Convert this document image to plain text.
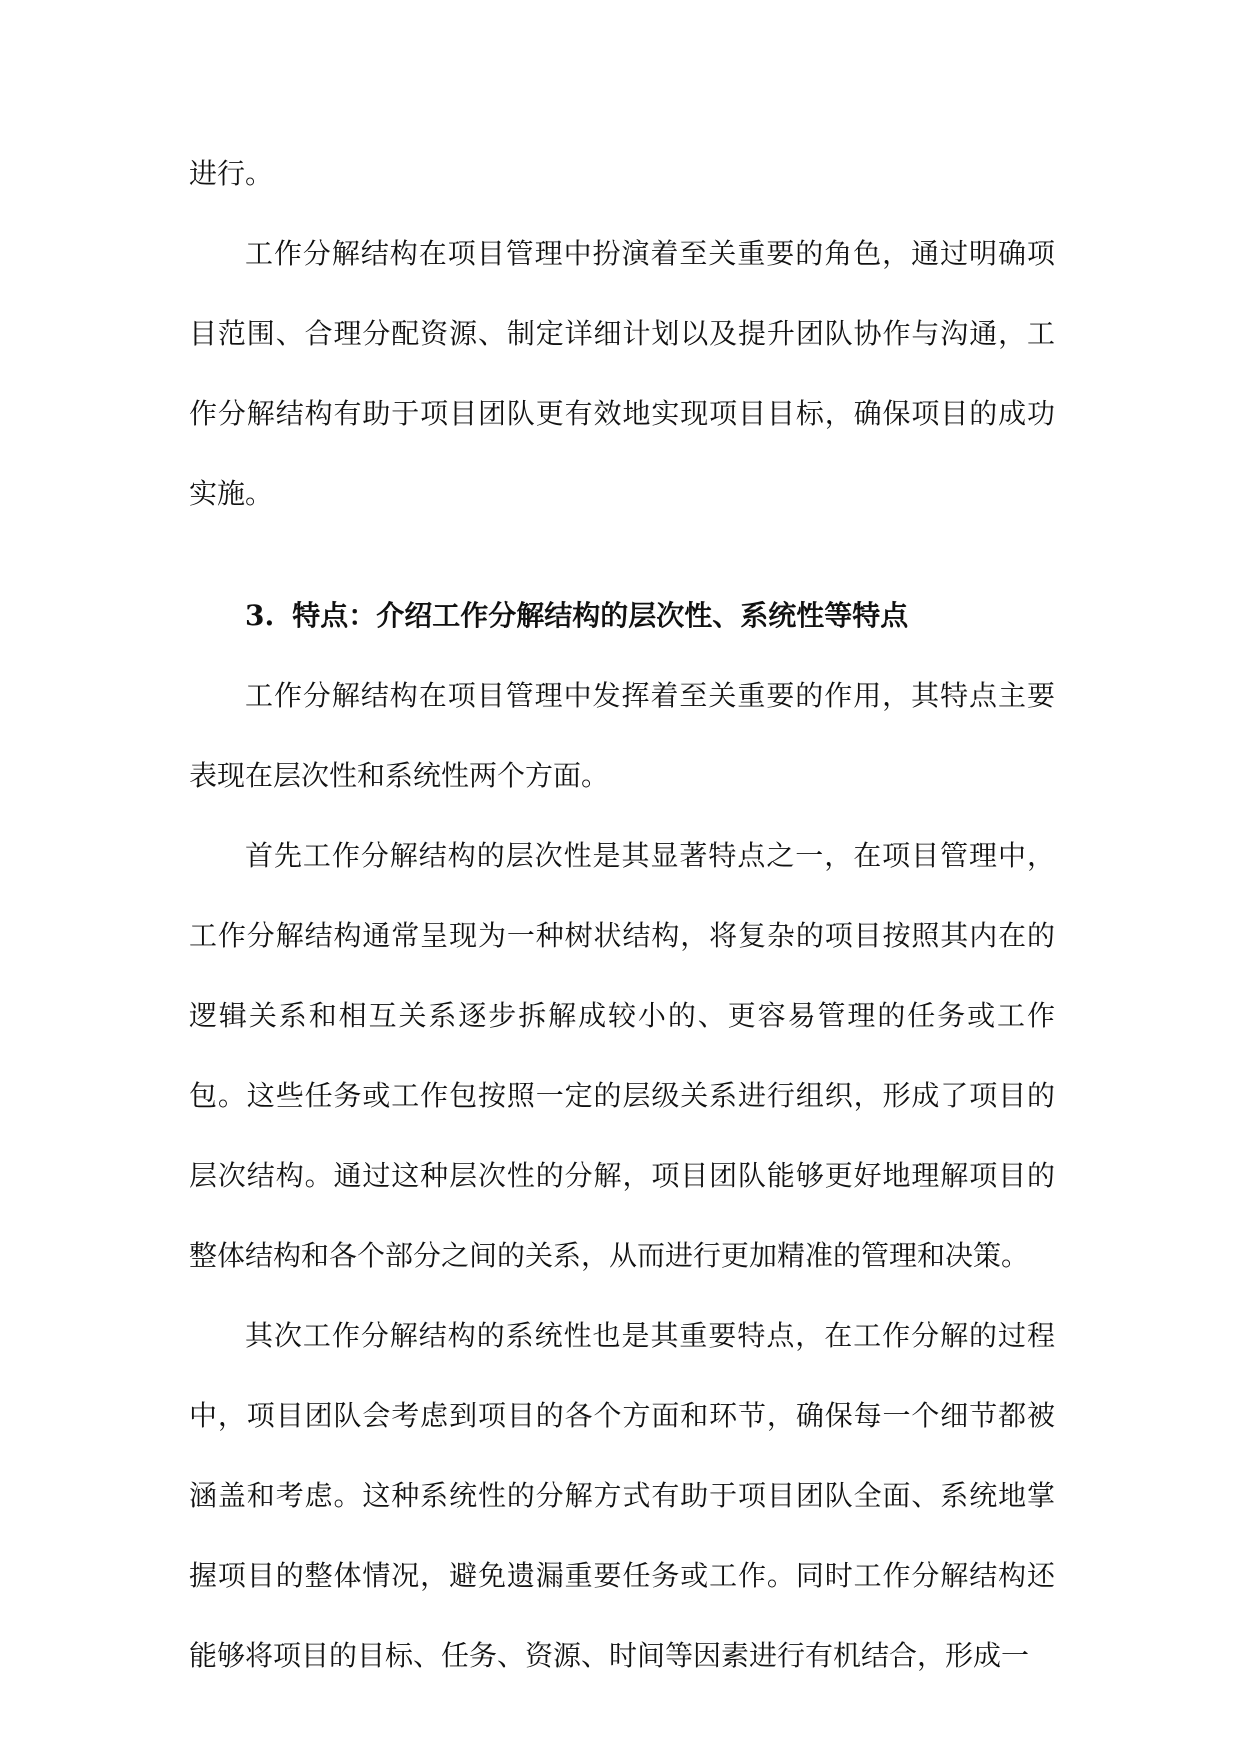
进行。

工作分解结构在项目管理中扮演着至关重要的角色，通过明确项目范围、合理分配资源、制定详细计划以及提升团队协作与沟通，工作分解结构有助于项目团队更有效地实现项目目标，确保项目的成功实施。

3. 特点：介绍工作分解结构的层次性、系统性等特点

工作分解结构在项目管理中发挥着至关重要的作用，其特点主要表现在层次性和系统性两个方面。

首先工作分解结构的层次性是其显著特点之一，在项目管理中，工作分解结构通常呈现为一种树状结构，将复杂的项目按照其内在的逻辑关系和相互关系逐步拆解成较小的、更容易管理的任务或工作包。这些任务或工作包按照一定的层级关系进行组织，形成了项目的层次结构。通过这种层次性的分解，项目团队能够更好地理解项目的整体结构和各个部分之间的关系，从而进行更加精准的管理和决策。

其次工作分解结构的系统性也是其重要特点，在工作分解的过程中，项目团队会考虑到项目的各个方面和环节，确保每一个细节都被涵盖和考虑。这种系统性的分解方式有助于项目团队全面、系统地掌握项目的整体情况，避免遗漏重要任务或工作。同时工作分解结构还能够将项目的目标、任务、资源、时间等因素进行有机结合，形成一
